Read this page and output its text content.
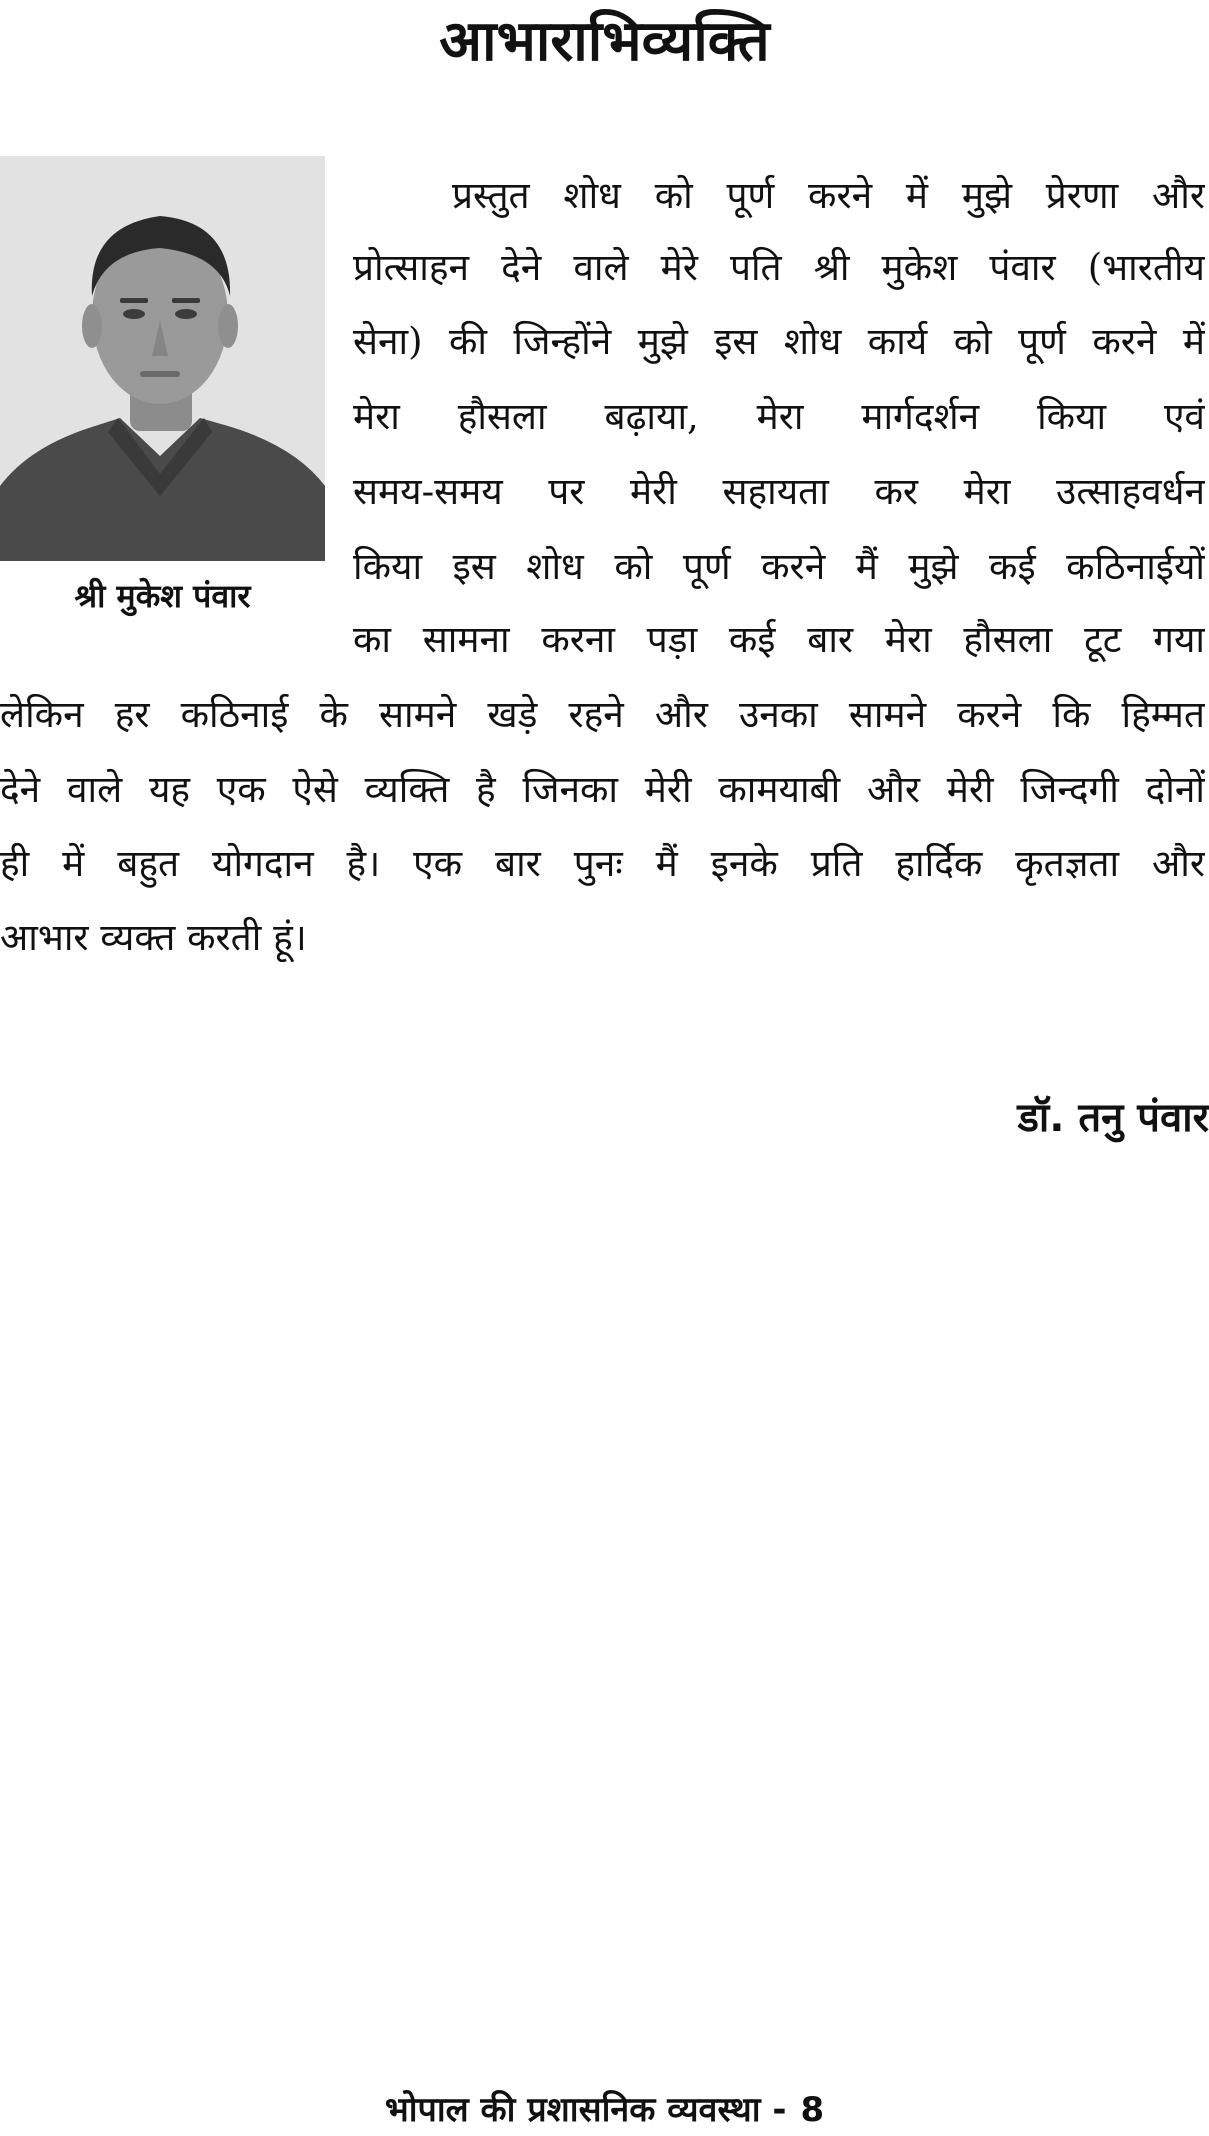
आभाराभिव्यक्ति
श्री मुकेश पंवार
प्रस्तुत शोध को पूर्ण करने में मुझे प्रेरणा और
प्रोत्साहन देने वाले मेरे पति श्री मुकेश पंवार (भारतीय
सेना) की जिन्होंने मुझे इस शोध कार्य को पूर्ण करने में
मेरा हौसला बढ़ाया, मेरा मार्गदर्शन किया एवं
समय-समय पर मेरी सहायता कर मेरा उत्साहवर्धन
किया इस शोध को पूर्ण करने मैं मुझे कई कठिनाईयों
का सामना करना पड़ा कई बार मेरा हौसला टूट गया
लेकिन हर कठिनाई के सामने खड़े रहने और उनका सामने करने कि हिम्मत
देने वाले यह एक ऐसे व्यक्ति है जिनका मेरी कामयाबी और मेरी जिन्दगी दोनों
ही में बहुत योगदान है। एक बार पुनः मैं इनके प्रति हार्दिक कृतज्ञता और
आभार व्यक्त करती हूं।
डॉ. तनु पंवार
भोपाल की प्रशासनिक व्यवस्था - 8
